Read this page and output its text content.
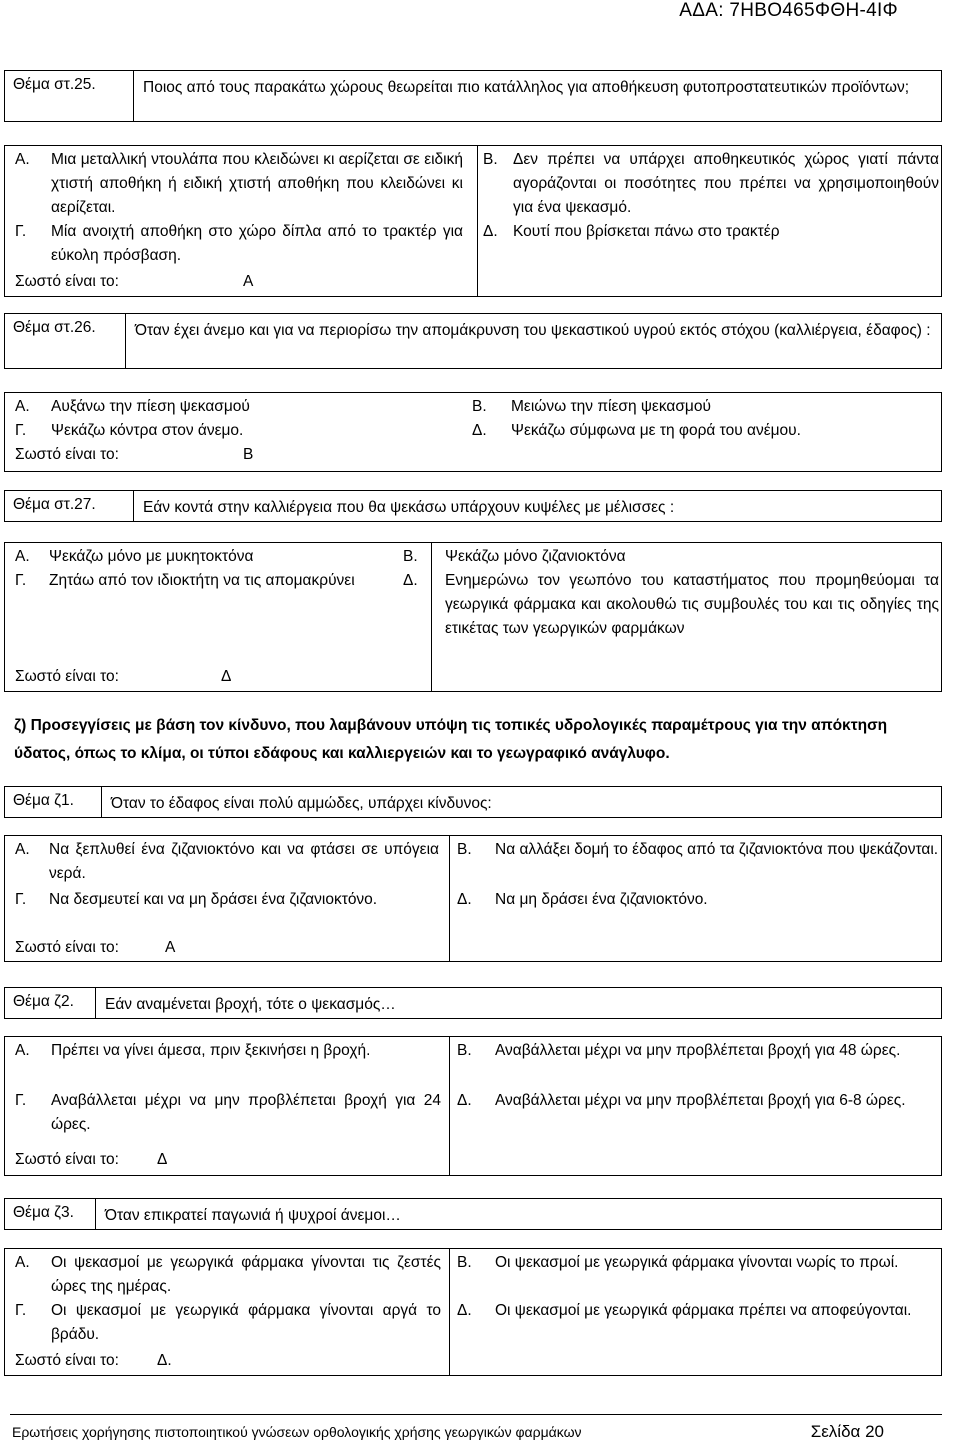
ΑΔΑ: 7ΗΒΟ465ΦΘΗ-4ΙΦ
Θέμα στ.25.	Ποιος από τους παρακάτω χώρους θεωρείται πιο κατάλληλος για αποθήκευση φυτοπροστατευτικών προϊόντων;
Α. Μια μεταλλική ντουλάπα που κλειδώνει κι αερίζεται σε ειδική χτιστή αποθήκη ή ειδική χτιστή αποθήκη που κλειδώνει κι αερίζεται.
Γ. Μία ανοιχτή αποθήκη στο χώρο δίπλα από το τρακτέρ για εύκολη πρόσβαση.
Σωστό είναι το:	Α
Β. Δεν πρέπει να υπάρχει αποθηκευτικός χώρος γιατί πάντα αγοράζονται οι ποσότητες που πρέπει να χρησιμοποιηθούν για ένα ψεκασμό.
Δ. Κουτί που βρίσκεται πάνω στο τρακτέρ
Θέμα στ.26.	Όταν έχει άνεμο και για να περιορίσω την απομάκρυνση του ψεκαστικού υγρού εκτός στόχου (καλλιέργεια, έδαφος) :
Α. Αυξάνω την πίεση ψεκασμού	Β. Μειώνω την πίεση ψεκασμού
Γ. Ψεκάζω κόντρα στον άνεμο.	Δ. Ψεκάζω σύμφωνα με τη φορά του ανέμου.
Σωστό είναι το:	Β
Θέμα στ.27.	Εάν κοντά στην καλλιέργεια που θα ψεκάσω υπάρχουν κυψέλες με μέλισσες :
Α. Ψεκάζω μόνο με μυκητοκτόνα
Γ. Ζητάω από τον ιδιοκτήτη να τις απομακρύνει
Σωστό είναι το:	Δ
Β. Ψεκάζω μόνο ζιζανιοκτόνα
Δ. Ενημερώνω τον γεωπόνο του καταστήματος που προμηθεύομαι τα γεωργικά φάρμακα και ακολουθώ τις συμβουλές του και τις οδηγίες της ετικέτας των γεωργικών φαρμάκων
ζ) Προσεγγίσεις με βάση τον κίνδυνο, που λαμβάνουν υπόψη τις τοπικές υδρολογικές παραμέτρους για την απόκτηση ύδατος, όπως το κλίμα, οι τύποι εδάφους και καλλιεργειών και το γεωγραφικό ανάγλυφο.
Θέμα ζ1. Όταν το έδαφος είναι πολύ αμμώδες, υπάρχει κίνδυνος:
Α. Να ξεπλυθεί ένα ζιζανιοκτόνο και να φτάσει σε υπόγεια νερά.
Γ. Να δεσμευτεί και να μη δράσει ένα ζιζανιοκτόνο.
Σωστό είναι το:	Α
Β. Να αλλάξει δομή το έδαφος από τα ζιζανιοκτόνα που ψεκάζονται.
Δ. Να μη δράσει ένα ζιζανιοκτόνο.
Θέμα ζ2. Εάν αναμένεται βροχή, τότε ο ψεκασμός…
Α. Πρέπει να γίνει άμεσα, πριν ξεκινήσει η βροχή.
Γ. Αναβάλλεται μέχρι να μην προβλέπεται βροχή για 24 ώρες.
Σωστό είναι το: Δ
Β. Αναβάλλεται μέχρι να μην προβλέπεται βροχή για 48 ώρες.
Δ. Αναβάλλεται μέχρι να μην προβλέπεται βροχή για 6-8 ώρες.
Θέμα ζ3. Όταν επικρατεί παγωνιά ή ψυχροί άνεμοι…
Α. Οι ψεκασμοί με γεωργικά φάρμακα γίνονται τις ζεστές ώρες της ημέρας.
Γ. Οι ψεκασμοί με γεωργικά φάρμακα γίνονται αργά το βράδυ.
Σωστό είναι το: Δ.
Β. Οι ψεκασμοί με γεωργικά φάρμακα γίνονται νωρίς το πρωί.
Δ. Οι ψεκασμοί με γεωργικά φάρμακα πρέπει να αποφεύγονται.
Ερωτήσεις χορήγησης πιστοποιητικού γνώσεων ορθολογικής χρήσης γεωργικών φαρμάκων	Σελίδα 20
